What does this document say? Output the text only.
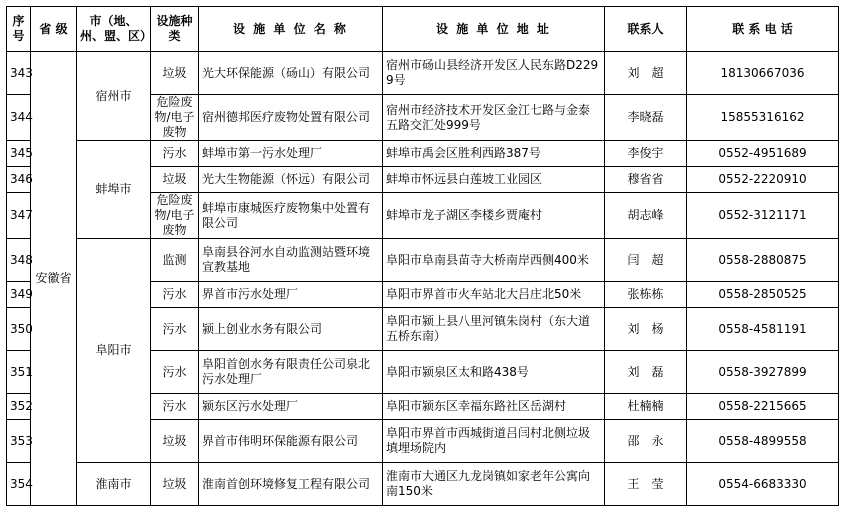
序号	省 级	市（地、州、盟、区）	设施种类	设 施 单 位 名 称	设 施 单 位 地 址	联系人	联 系 电 话
343	安徽省	宿州市	垃圾	光大环保能源（砀山）有限公司	宿州市砀山县经济开发区人民东路D2299号	刘　超	18130667036
344			危险废物/电子废物	宿州德邦医疗废物处置有限公司	宿州市经济技术开发区金江七路与金泰五路交汇处999号	李晓磊	15855316162
345		蚌埠市	污水	蚌埠市第一污水处理厂	蚌埠市禹会区胜利西路387号	李俊宇	0552-4951689
346			垃圾	光大生物能源（怀远）有限公司	蚌埠市怀远县白莲坡工业园区	穆省省	0552-2220910
347			危险废物/电子废物	蚌埠市康城医疗废物集中处置有限公司	蚌埠市龙子湖区李楼乡贾庵村	胡志峰	0552-3121171
348		阜阳市	监测	阜南县谷河水自动监测站暨环境宣教基地	阜阳市阜南县苗寺大桥南岸西侧400米	闫　超	0558-2880875
349			污水	界首市污水处理厂	阜阳市界首市火车站北大吕庄北50米	张栋栋	0558-2850525
350			污水	颍上创业水务有限公司	阜阳市颍上县八里河镇朱岗村（东大道五桥东南）	刘　杨	0558-4581191
351			污水	阜阳首创水务有限责任公司泉北污水处理厂	阜阳市颍泉区太和路438号	刘　磊	0558-3927899
352			污水	颍东区污水处理厂	阜阳市颍东区幸福东路社区岳湖村	杜楠楠	0558-2215665
353			垃圾	界首市伟明环保能源有限公司	阜阳市界首市西城街道吕闫村北侧垃圾填埋场院内	邵　永	0558-4899558
354		淮南市	垃圾	淮南首创环境修复工程有限公司	淮南市大通区九龙岗镇如家老年公寓向南150米	王　莹	0554-6683330
